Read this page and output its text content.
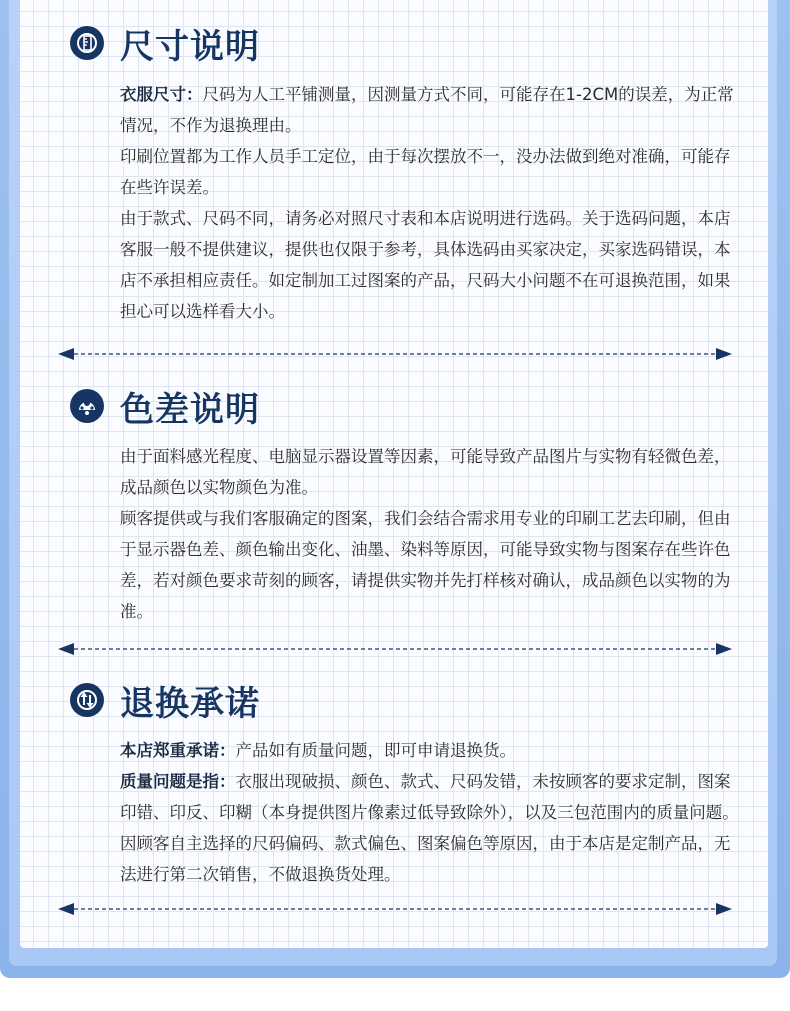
尺寸说明

衣服尺寸：尺码为人工平铺测量，因测量方式不同，可能存在1-2CM的误差，为正常情况，不作为退换理由。

印刷位置都为工作人员手工定位，由于每次摆放不一，没办法做到绝对准确，可能存在些许误差。

由于款式、尺码不同，请务必对照尺寸表和本店说明进行选码。关于选码问题，本店客服一般不提供建议，提供也仅限于参考，具体选码由买家决定，买家选码错误，本店不承担相应责任。如定制加工过图案的产品，尺码大小问题不在可退换范围，如果担心可以选样看大小。

色差说明

由于面料感光程度、电脑显示器设置等因素，可能导致产品图片与实物有轻微色差，成品颜色以实物颜色为准。

顾客提供或与我们客服确定的图案，我们会结合需求用专业的印刷工艺去印刷，但由于显示器色差、颜色输出变化、油墨、染料等原因，可能导致实物与图案存在些许色差，若对颜色要求苛刻的顾客，请提供实物并先打样核对确认，成品颜色以实物的为准。

退换承诺

本店郑重承诺：产品如有质量问题，即可申请退换货。

质量问题是指：衣服出现破损、颜色、款式、尺码发错，未按顾客的要求定制，图案印错、印反、印糊（本身提供图片像素过低导致除外），以及三包范围内的质量问题。因顾客自主选择的尺码偏码、款式偏色、图案偏色等原因，由于本店是定制产品，无法进行第二次销售，不做退换货处理。
